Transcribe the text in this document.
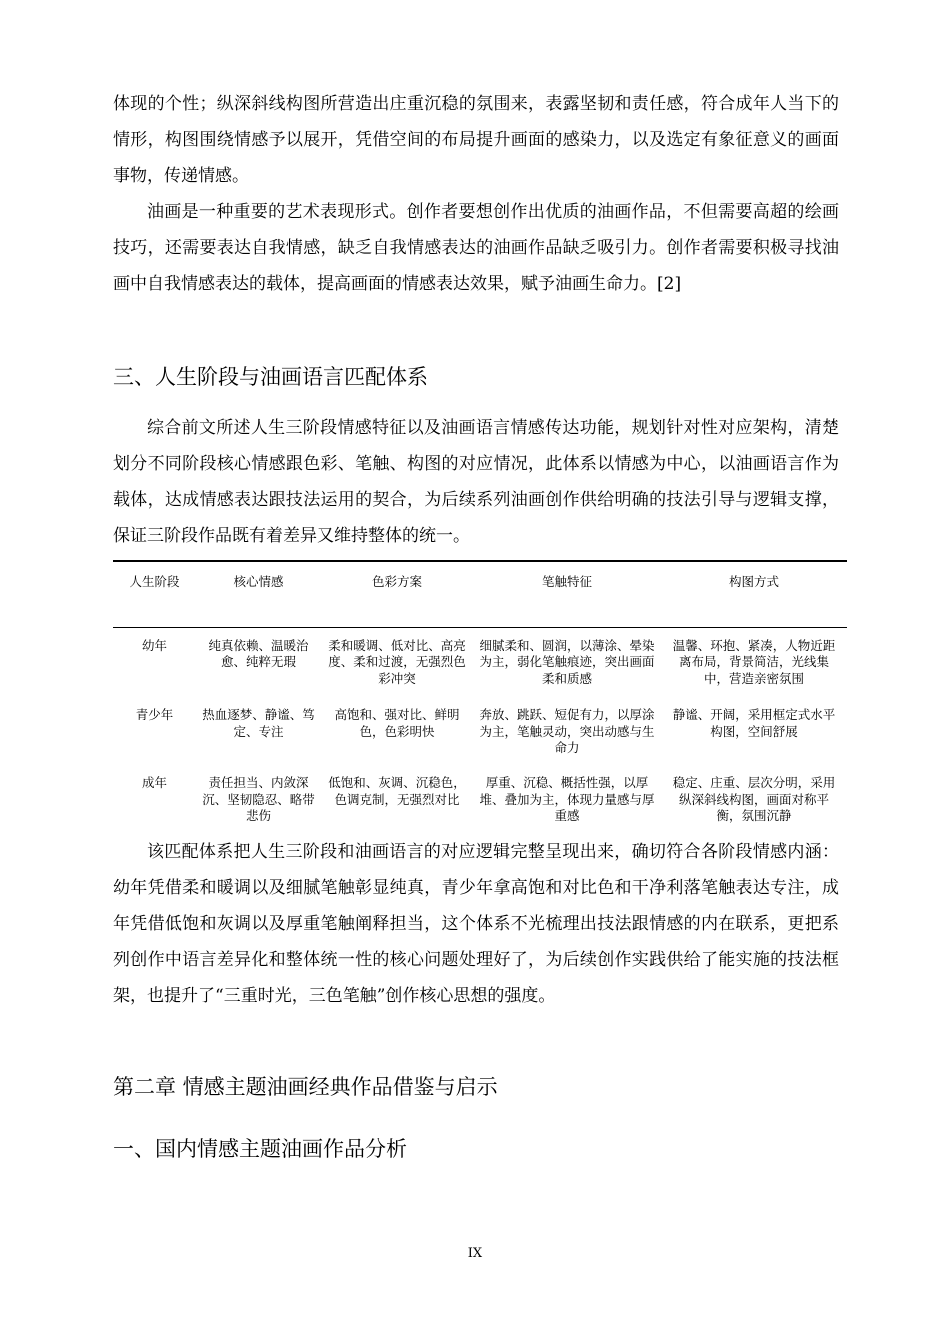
体现的个性；纵深斜线构图所营造出庄重沉稳的氛围来，表露坚韧和责任感，符合成年人当下的情形，构图围绕情感予以展开，凭借空间的布局提升画面的感染力，以及选定有象征意义的画面事物，传递情感。

油画是一种重要的艺术表现形式。创作者要想创作出优质的油画作品，不但需要高超的绘画技巧，还需要表达自我情感，缺乏自我情感表达的油画作品缺乏吸引力。创作者需要积极寻找油画中自我情感表达的载体，提高画面的情感表达效果，赋予油画生命力。[2]

三、人生阶段与油画语言匹配体系

综合前文所述人生三阶段情感特征以及油画语言情感传达功能，规划针对性对应架构，清楚划分不同阶段核心情感跟色彩、笔触、构图的对应情况，此体系以情感为中心，以油画语言作为载体，达成情感表达跟技法运用的契合，为后续系列油画创作供给明确的技法引导与逻辑支撑，保证三阶段作品既有着差异又维持整体的统一。

人生阶段	核心情感	色彩方案	笔触特征	构图方式
幼年	纯真依赖、温暖治愈、纯粹无瑕	柔和暖调、低对比、高亮度、柔和过渡，无强烈色彩冲突	细腻柔和、圆润，以薄涂、晕染为主，弱化笔触痕迹，突出画面柔和质感	温馨、环抱、紧凑，人物近距离布局，背景简洁，光线集中，营造亲密氛围
青少年	热血逐梦、静谧、笃定、专注	高饱和、强对比、鲜明色，色彩明快	奔放、跳跃、短促有力，以厚涂为主，笔触灵动，突出动感与生命力	静谧、开阔，采用框定式水平构图，空间舒展
成年	责任担当、内敛深沉、坚韧隐忍、略带悲伤	低饱和、灰调、沉稳色，色调克制，无强烈对比	厚重、沉稳、概括性强，以厚堆、叠加为主，体现力量感与厚重感	稳定、庄重、层次分明，采用纵深斜线构图，画面对称平衡，氛围沉静

该匹配体系把人生三阶段和油画语言的对应逻辑完整呈现出来，确切符合各阶段情感内涵：幼年凭借柔和暖调以及细腻笔触彰显纯真，青少年拿高饱和对比色和干净利落笔触表达专注，成年凭借低饱和灰调以及厚重笔触阐释担当，这个体系不光梳理出技法跟情感的内在联系，更把系列创作中语言差异化和整体统一性的核心问题处理好了，为后续创作实践供给了能实施的技法框架，也提升了“三重时光，三色笔触”创作核心思想的强度。

第二章 情感主题油画经典作品借鉴与启示
一、国内情感主题油画作品分析
IX
